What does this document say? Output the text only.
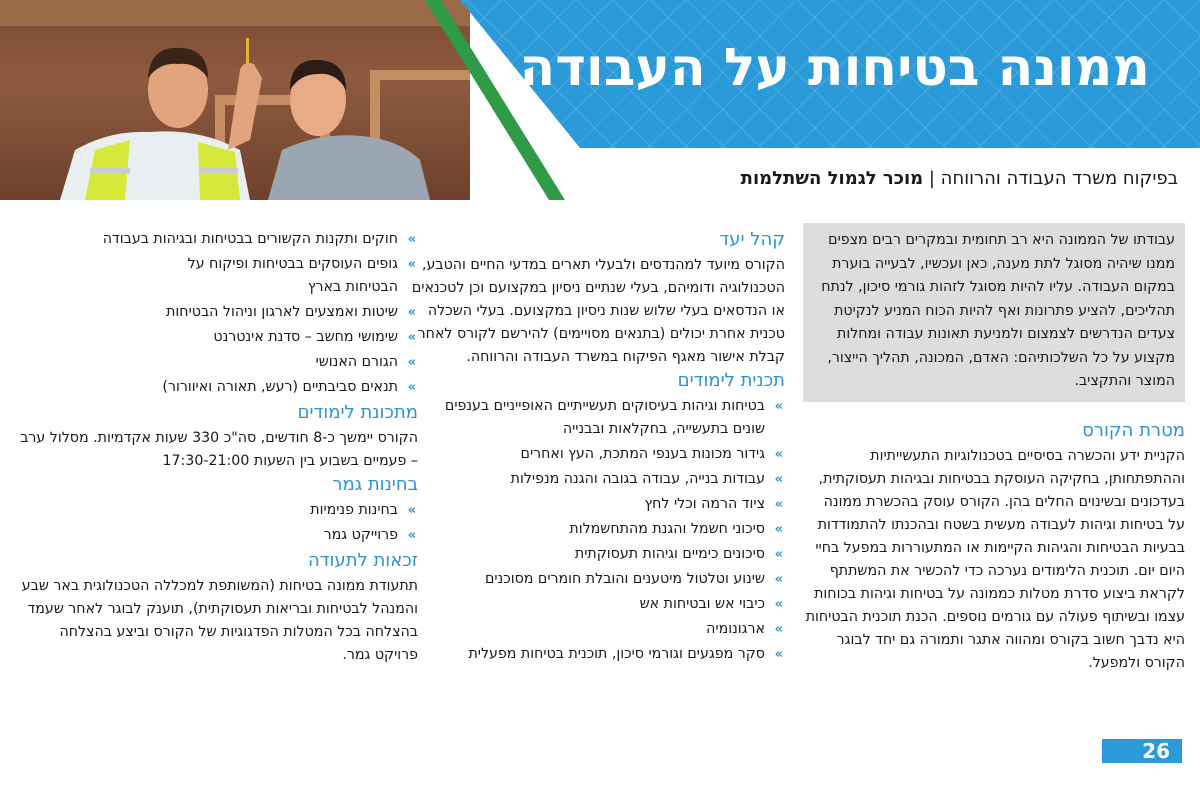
ממונה בטיחות על העבודה
בפיקוח משרד העבודה והרווחה | מוכר לגמול השתלמות

עבודתו של הממונה היא רב תחומית ובמקרים רבים מצפים ממנו שיהיה מסוגל לתת מענה, כאן ועכשיו, לבעייה בוערת במקום העבודה. עליו להיות מסוגל לזהות גורמי סיכון, לנתח תהליכים, להציע פתרונות ואף להיות הכוח המניע לנקיטת צעדים הנדרשים לצמצום ולמניעת תאונות עבודה ומחלות מקצוע על כל השלכותיהם: האדם, המכונה, תהליך הייצור, המוצר והתקציב.

מטרת הקורס

הקניית ידע והכשרה בסיסיים בטכנולוגיות התעשייתיות וההתפתחותן, בחקיקה העוסקת בבטיחות ובגיהות תעסוקתית, בעדכונים ובשינוים החלים בהן. הקורס עוסק בהכשרת ממונה על בטיחות וגיהות לעבודה מעשית בשטח ובהכנתו להתמודדות בבעיות הבטיחות והגיהות הקיימות או המתעוררות במפעל בחיי היום יום. תוכנית הלימודים נערכה כדי להכשיר את המשתתף לקראת ביצוע סדרת מטלות כממונה על בטיחות וגיהות בכוחות עצמו ובשיתוף פעולה עם גורמים נוספים. הכנת תוכנית הבטיחות היא נדבך חשוב בקורס ומהווה אתגר ותמורה גם יחד לבוגר הקורס ולמפעל.

קהל יעד

הקורס מיועד למהנדסים ולבעלי תארים במדעי החיים והטבע, הטכנולוגיה ודומיהם, בעלי שנתיים ניסיון במקצועם וכן לטכנאים או הנדסאים בעלי שלוש שנות ניסיון במקצועם. בעלי השכלה טכנית אחרת יכולים (בתנאים מסויימים) להירשם לקורס לאחר קבלת אישור מאגף הפיקוח במשרד העבודה והרווחה.

תכנית לימודים
»
בטיחות וגיהות בעיסוקים תעשייתיים האופייניים בענפים שונים בתעשייה, בחקלאות ובבנייה
»
גידור מכונות בענפי המתכת, העץ ואחרים
»
עבודות בנייה, עבודה בגובה והגנה מנפילות
»
ציוד הרמה וכלי לחץ
»
סיכוני חשמל והגנת מהתחשמלות
»
סיכונים כימיים וגיהות תעסוקתית
»
שינוע וטלטול מיטענים והובלת חומרים מסוכנים
»
כיבוי אש ובטיחות אש
»
ארגונומיה
»
סקר מפגעים וגורמי סיכון, תוכנית בטיחות מפעלית
»
חוקים ותקנות הקשורים בבטיחות ובגיהות בעבודה
»
גופים העוסקים בבטיחות ופיקוח על הבטיחות בארץ
»
שיטות ואמצעים לארגון וניהול הבטיחות
»
שימושי מחשב – סדנת אינטרנט
»
הגורם האנושי
»
תנאים סביבתיים (רעש, תאורה ואיוורור)
מתכונת לימודים

הקורס יימשך כ-8 חודשים, סה"כ 330 שעות אקדמיות. מסלול ערב – פעמיים בשבוע בין השעות 17:30-21:00

בחינות גמר
»
בחינות פנימיות
»
פרוייקט גמר
זכאות לתעודה

תתעודת ממונה בטיחות (המשותפת למכללה הטכנולוגית באר שבע והמנהל לבטיחות ובריאות תעסוקתית), תוענק לבוגר לאחר שעמד בהצלחה בכל המטלות הפדגוגיות של הקורס וביצע בהצלחה פרויקט גמר.

26
